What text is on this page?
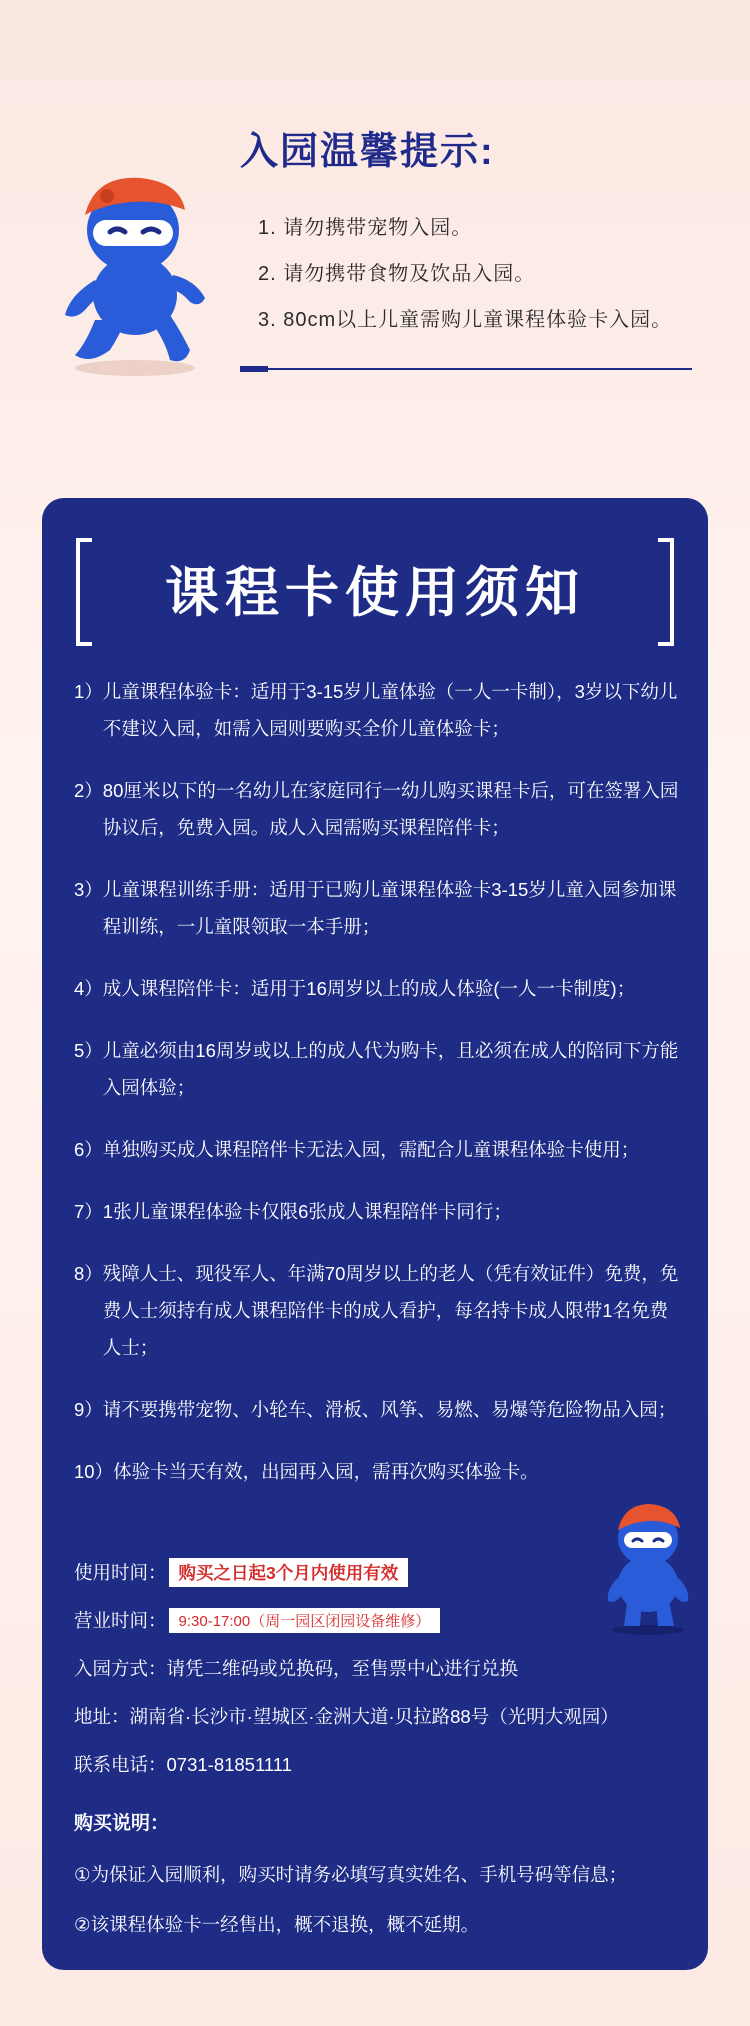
入园温馨提示:
1. 请勿携带宠物入园。
2. 请勿携带食物及饮品入园。
3. 80cm以上儿童需购儿童课程体验卡入园。
课程卡使用须知
1） 儿童课程体验卡：适用于3-15岁儿童体验（一人一卡制），3岁以下幼儿不建议入园，如需入园则要购买全价儿童体验卡；
2） 80厘米以下的一名幼儿在家庭同行一幼儿购买课程卡后，可在签署入园协议后，免费入园。成人入园需购买课程陪伴卡；
3） 儿童课程训练手册：适用于已购儿童课程体验卡3-15岁儿童入园参加课程训练，一儿童限领取一本手册；
4） 成人课程陪伴卡：适用于16周岁以上的成人体验(一人一卡制度)；
5） 儿童必须由16周岁或以上的成人代为购卡，且必须在成人的陪同下方能入园体验；
6） 单独购买成人课程陪伴卡无法入园，需配合儿童课程体验卡使用；
7） 1张儿童课程体验卡仅限6张成人课程陪伴卡同行；
8） 残障人士、现役军人、年满70周岁以上的老人（凭有效证件）免费，免费人士须持有成人课程陪伴卡的成人看护，每名持卡成人限带1名免费人士；
9） 请不要携带宠物、小轮车、滑板、风筝、易燃、易爆等危险物品入园；
10） 体验卡当天有效，出园再入园，需再次购买体验卡。
使用时间： 购买之日起3个月内使用有效
营业时间： 9:30-17:00（周一园区闭园设备维修）
入园方式：请凭二维码或兑换码，至售票中心进行兑换
地址：湖南省·长沙市·望城区·金洲大道·贝拉路88号（光明大观园）
联系电话：0731-81851111
购买说明：
①为保证入园顺利，购买时请务必填写真实姓名、手机号码等信息；
②该课程体验卡一经售出，概不退换，概不延期。
